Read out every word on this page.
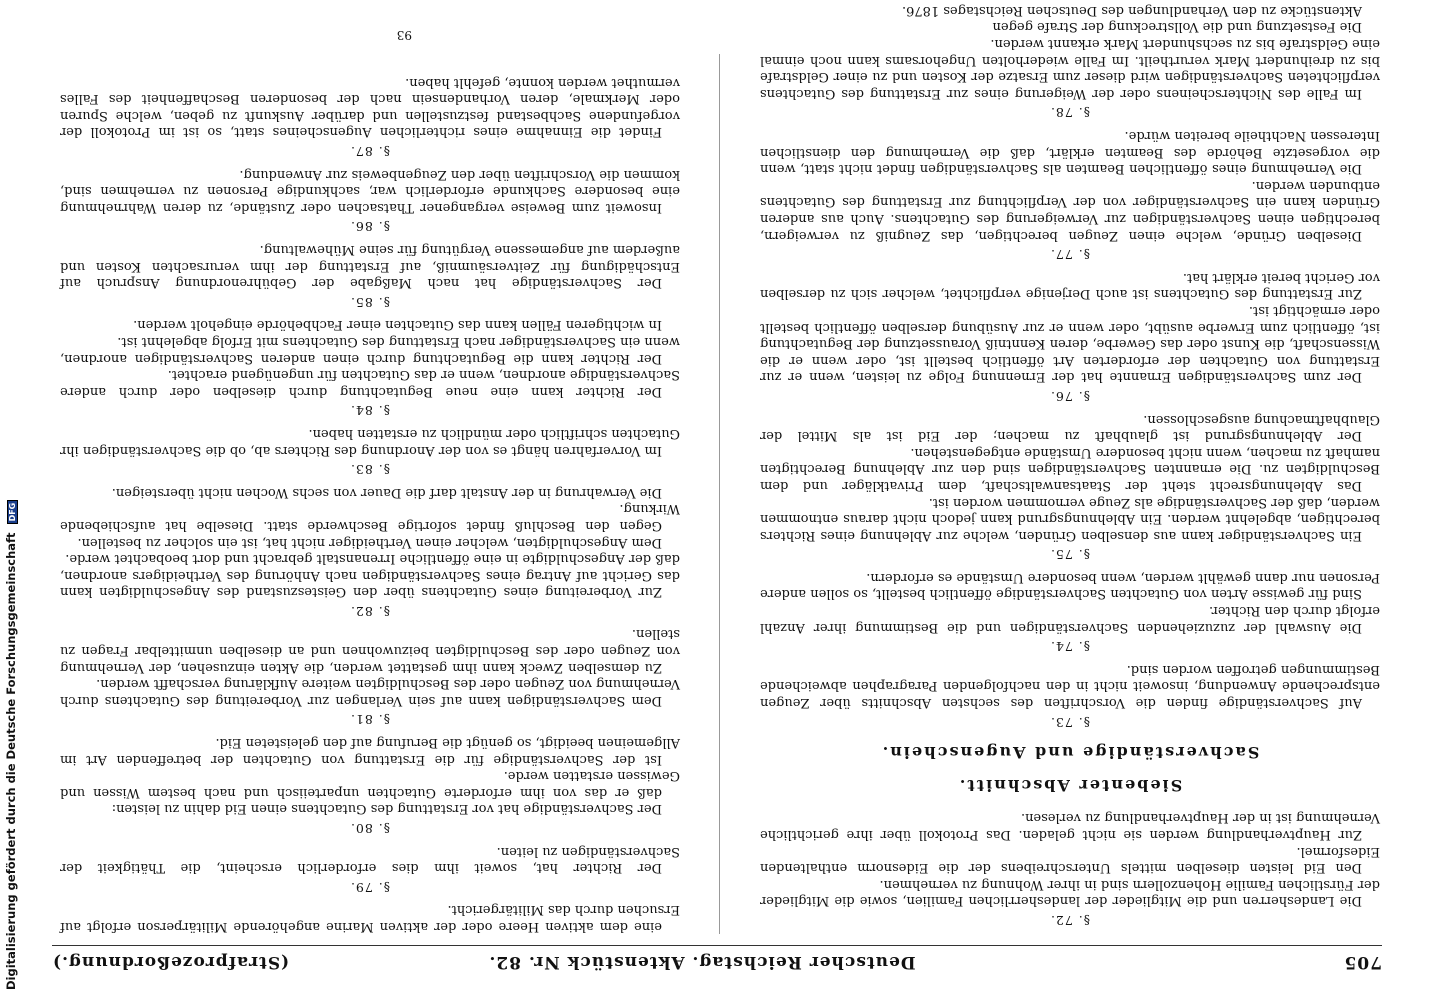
705
Deutscher Reichstag. Aktenstück Nr. 82.
(Strafprozeßordnung.)
§. 72.
Die Landesherren und die Mitglieder der landesherrlichen Familien, sowie die Mitglieder der Fürstlichen Familie Hohenzollern sind in ihrer Wohnung zu vernehmen.
Den Eid leisten dieselben mittels Unterschreibens der die Eidesnorm enthaltenden Eidesformel.
Zur Hauptverhandlung werden sie nicht geladen. Das Protokoll über ihre gerichtliche Vernehmung ist in der Hauptverhandlung zu verlesen.
Siebenter Abschnitt.
Sachverständige und Augenschein.
§. 73.
Auf Sachverständige finden die Vorschriften des sechsten Abschnitts über Zeugen entsprechende Anwendung, insoweit nicht in den nachfolgenden Paragraphen abweichende Bestimmungen getroffen worden sind.
§. 74.
Die Auswahl der zuzuziehenden Sachverständigen und die Bestimmung ihrer Anzahl erfolgt durch den Richter.
Sind für gewisse Arten von Gutachten Sachverständige öffentlich bestellt, so sollen andere Personen nur dann gewählt werden, wenn besondere Umstände es erfordern.
§. 75.
Ein Sachverständiger kann aus denselben Gründen, welche zur Ablehnung eines Richters berechtigen, abgelehnt werden. Ein Ablehnungsgrund kann jedoch nicht daraus entnommen werden, daß der Sachverständige als Zeuge vernommen worden ist.
Das Ablehnungsrecht steht der Staatsanwaltschaft, dem Privatkläger und dem Beschuldigten zu. Die ernannten Sachverständigen sind den zur Ablehnung Berechtigten namhaft zu machen, wenn nicht besondere Umstände entgegenstehen.
Der Ablehnungsgrund ist glaubhaft zu machen; der Eid ist als Mittel der Glaubhaftmachung ausgeschlossen.
§. 76.
Der zum Sachverständigen Ernannte hat der Ernennung Folge zu leisten, wenn er zur Erstattung von Gutachten der erforderten Art öffentlich bestellt ist, oder wenn er die Wissenschaft, die Kunst oder das Gewerbe, deren Kenntniß Voraussetzung der Begutachtung ist, öffentlich zum Erwerbe ausübt, oder wenn er zur Ausübung derselben öffentlich bestellt oder ermächtigt ist.
Zur Erstattung des Gutachtens ist auch Derjenige verpflichtet, welcher sich zu derselben vor Gericht bereit erklärt hat.
§. 77.
Dieselben Gründe, welche einen Zeugen berechtigen, das Zeugniß zu verweigern, berechtigen einen Sachverständigen zur Verweigerung des Gutachtens. Auch aus anderen Gründen kann ein Sachverständiger von der Verpflichtung zur Erstattung des Gutachtens entbunden werden.
Die Vernehmung eines öffentlichen Beamten als Sachverständigen findet nicht statt, wenn die vorgesetzte Behörde des Beamten erklärt, daß die Vernehmung den dienstlichen Interessen Nachtheile bereiten würde.
§. 78.
Im Falle des Nichterscheinens oder der Weigerung eines zur Erstattung des Gutachtens verpflichteten Sachverständigen wird dieser zum Ersatze der Kosten und zu einer Geldstrafe bis zu dreihundert Mark verurtheilt. Im Falle wiederholten Ungehorsams kann noch einmal eine Geldstrafe bis zu sechshundert Mark erkannt werden.
Die Festsetzung und die Vollstreckung der Strafe gegen
Aktenstücke zu den Verhandlungen des Deutschen Reichstages 1876.
eine dem aktiven Heere oder der aktiven Marine angehörende Militärperson erfolgt auf Ersuchen durch das Militärgericht.
§. 79.
Der Richter hat, soweit ihm dies erforderlich erscheint, die Thätigkeit der Sachverständigen zu leiten.
§. 80.
Der Sachverständige hat vor Erstattung des Gutachtens einen Eid dahin zu leisten:
daß er das von ihm erforderte Gutachten unparteiisch und nach bestem Wissen und Gewissen erstatten werde.
Ist der Sachverständige für die Erstattung von Gutachten der betreffenden Art im Allgemeinen beeidigt, so genügt die Berufung auf den geleisteten Eid.
§. 81.
Dem Sachverständigen kann auf sein Verlangen zur Vorbereitung des Gutachtens durch Vernehmung von Zeugen oder des Beschuldigten weitere Aufklärung verschafft werden.
Zu demselben Zweck kann ihm gestattet werden, die Akten einzusehen, der Vernehmung von Zeugen oder des Beschuldigten beizuwohnen und an dieselben unmittelbar Fragen zu stellen.
§. 82.
Zur Vorbereitung eines Gutachtens über den Geisteszustand des Angeschuldigten kann das Gericht auf Antrag eines Sachverständigen nach Anhörung des Vertheidigers anordnen, daß der Angeschuldigte in eine öffentliche Irrenanstalt gebracht und dort beobachtet werde.
Dem Angeschuldigten, welcher einen Vertheidiger nicht hat, ist ein solcher zu bestellen.
Gegen den Beschluß findet sofortige Beschwerde statt. Dieselbe hat aufschiebende Wirkung.
Die Verwahrung in der Anstalt darf die Dauer von sechs Wochen nicht übersteigen.
§. 83.
Im Vorverfahren hängt es von der Anordnung des Richters ab, ob die Sachverständigen ihr Gutachten schriftlich oder mündlich zu erstatten haben.
§. 84.
Der Richter kann eine neue Begutachtung durch dieselben oder durch andere Sachverständige anordnen, wenn er das Gutachten für ungenügend erachtet.
Der Richter kann die Begutachtung durch einen anderen Sachverständigen anordnen, wenn ein Sachverständiger nach Erstattung des Gutachtens mit Erfolg abgelehnt ist.
In wichtigeren Fällen kann das Gutachten einer Fachbehörde eingeholt werden.
§. 85.
Der Sachverständige hat nach Maßgabe der Gebührenordnung Anspruch auf Entschädigung für Zeitversäumniß, auf Erstattung der ihm verursachten Kosten und außerdem auf angemessene Vergütung für seine Mühewaltung.
§. 86.
Insoweit zum Beweise vergangener Thatsachen oder Zustände, zu deren Wahrnehmung eine besondere Sachkunde erforderlich war, sachkundige Personen zu vernehmen sind, kommen die Vorschriften über den Zeugenbeweis zur Anwendung.
§. 87.
Findet die Einnahme eines richterlichen Augenscheines statt, so ist im Protokoll der vorgefundene Sachbestand festzustellen und darüber Auskunft zu geben, welche Spuren oder Merkmale, deren Vorhandensein nach der besonderen Beschaffenheit des Falles vermuthet werden konnte, gefehlt haben.
93
Digitalisierung gefördert durch die Deutsche Forschungsgemeinschaft DFG
